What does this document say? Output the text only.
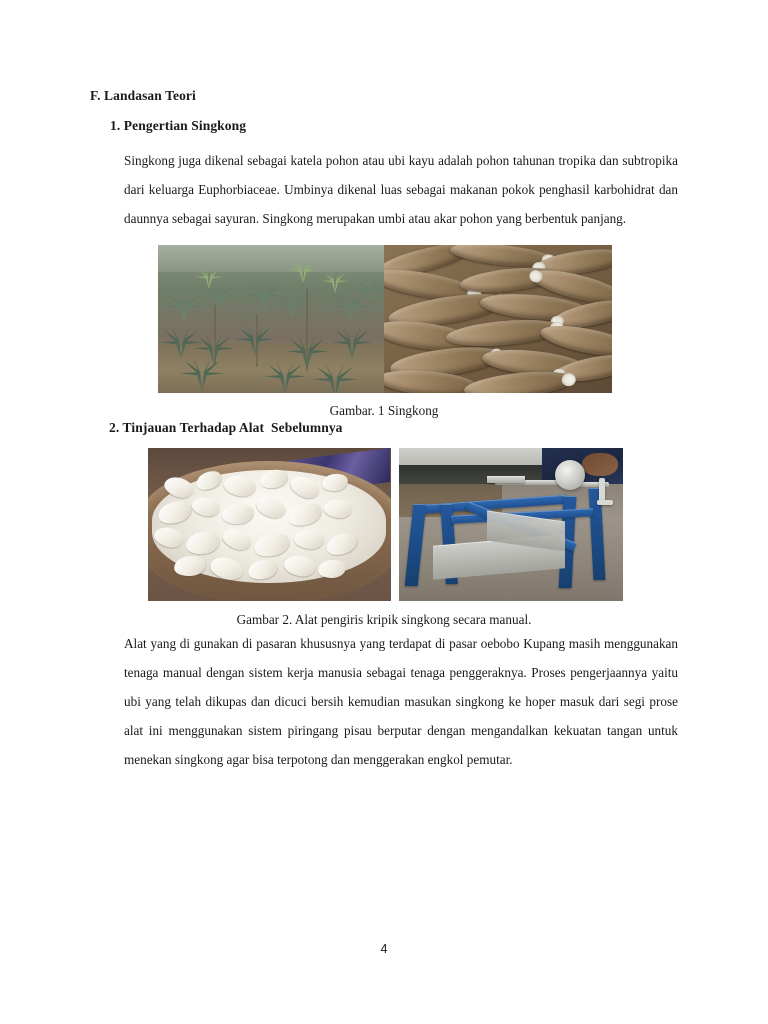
F. Landasan Teori
1. Pengertian Singkong

Singkong juga dikenal sebagai katela pohon atau ubi kayu adalah pohon tahunan tropika dan subtropika dari keluarga Euphorbiaceae. Umbinya dikenal luas sebagai makanan pokok penghasil karbohidrat dan daunnya sebagai sayuran. Singkong merupakan umbi atau akar pohon yang berbentuk panjang.

Gambar. 1 Singkong
2. Tinjauan Terhadap Alat  Sebelumnya
Gambar 2. Alat pengiris kripik singkong secara manual.

Alat yang di gunakan di pasaran khususnya yang terdapat di pasar oebobo Kupang masih menggunakan tenaga manual dengan sistem kerja manusia sebagai tenaga penggeraknya. Proses pengerjaannya yaitu ubi yang telah dikupas dan dicuci bersih kemudian masukan singkong ke hoper masuk dari segi prose alat ini menggunakan sistem piringang pisau berputar dengan mengandalkan kekuatan tangan untuk menekan singkong agar bisa terpotong dan menggerakan engkol pemutar.

4
